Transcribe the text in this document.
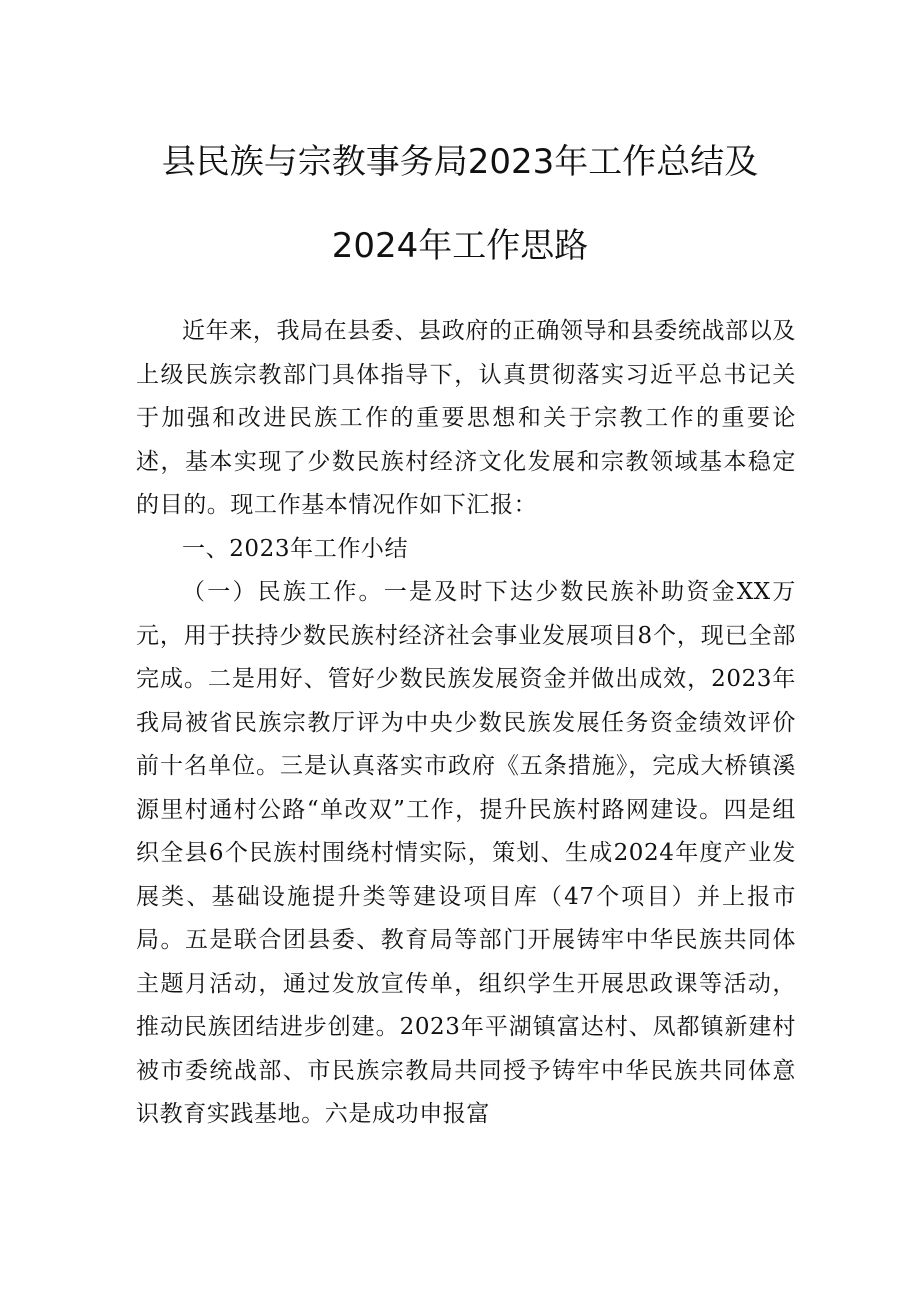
县民族与宗教事务局2023年工作总结及
2024年工作思路

近年来，我局在县委、县政府的正确领导和县委统战部以及上级民族宗教部门具体指导下，认真贯彻落实习近平总书记关于加强和改进民族工作的重要思想和关于宗教工作的重要论述，基本实现了少数民族村经济文化发展和宗教领域基本稳定的目的。现工作基本情况作如下汇报：

一、2023年工作小结

（一）民族工作。一是及时下达少数民族补助资金XX万元，用于扶持少数民族村经济社会事业发展项目8个，现已全部完成。二是用好、管好少数民族发展资金并做出成效，2023年我局被省民族宗教厅评为中央少数民族发展任务资金绩效评价前十名单位。三是认真落实市政府《五条措施》，完成大桥镇溪源里村通村公路“单改双”工作，提升民族村路网建设。四是组织全县6个民族村围绕村情实际，策划、生成2024年度产业发展类、基础设施提升类等建设项目库（47个项目）并上报市局。五是联合团县委、教育局等部门开展铸牢中华民族共同体主题月活动，通过发放宣传单，组织学生开展思政课等活动，推动民族团结进步创建。2023年平湖镇富达村、凤都镇新建村被市委统战部、市民族宗教局共同授予铸牢中华民族共同体意识教育实践基地。六是成功申报富
